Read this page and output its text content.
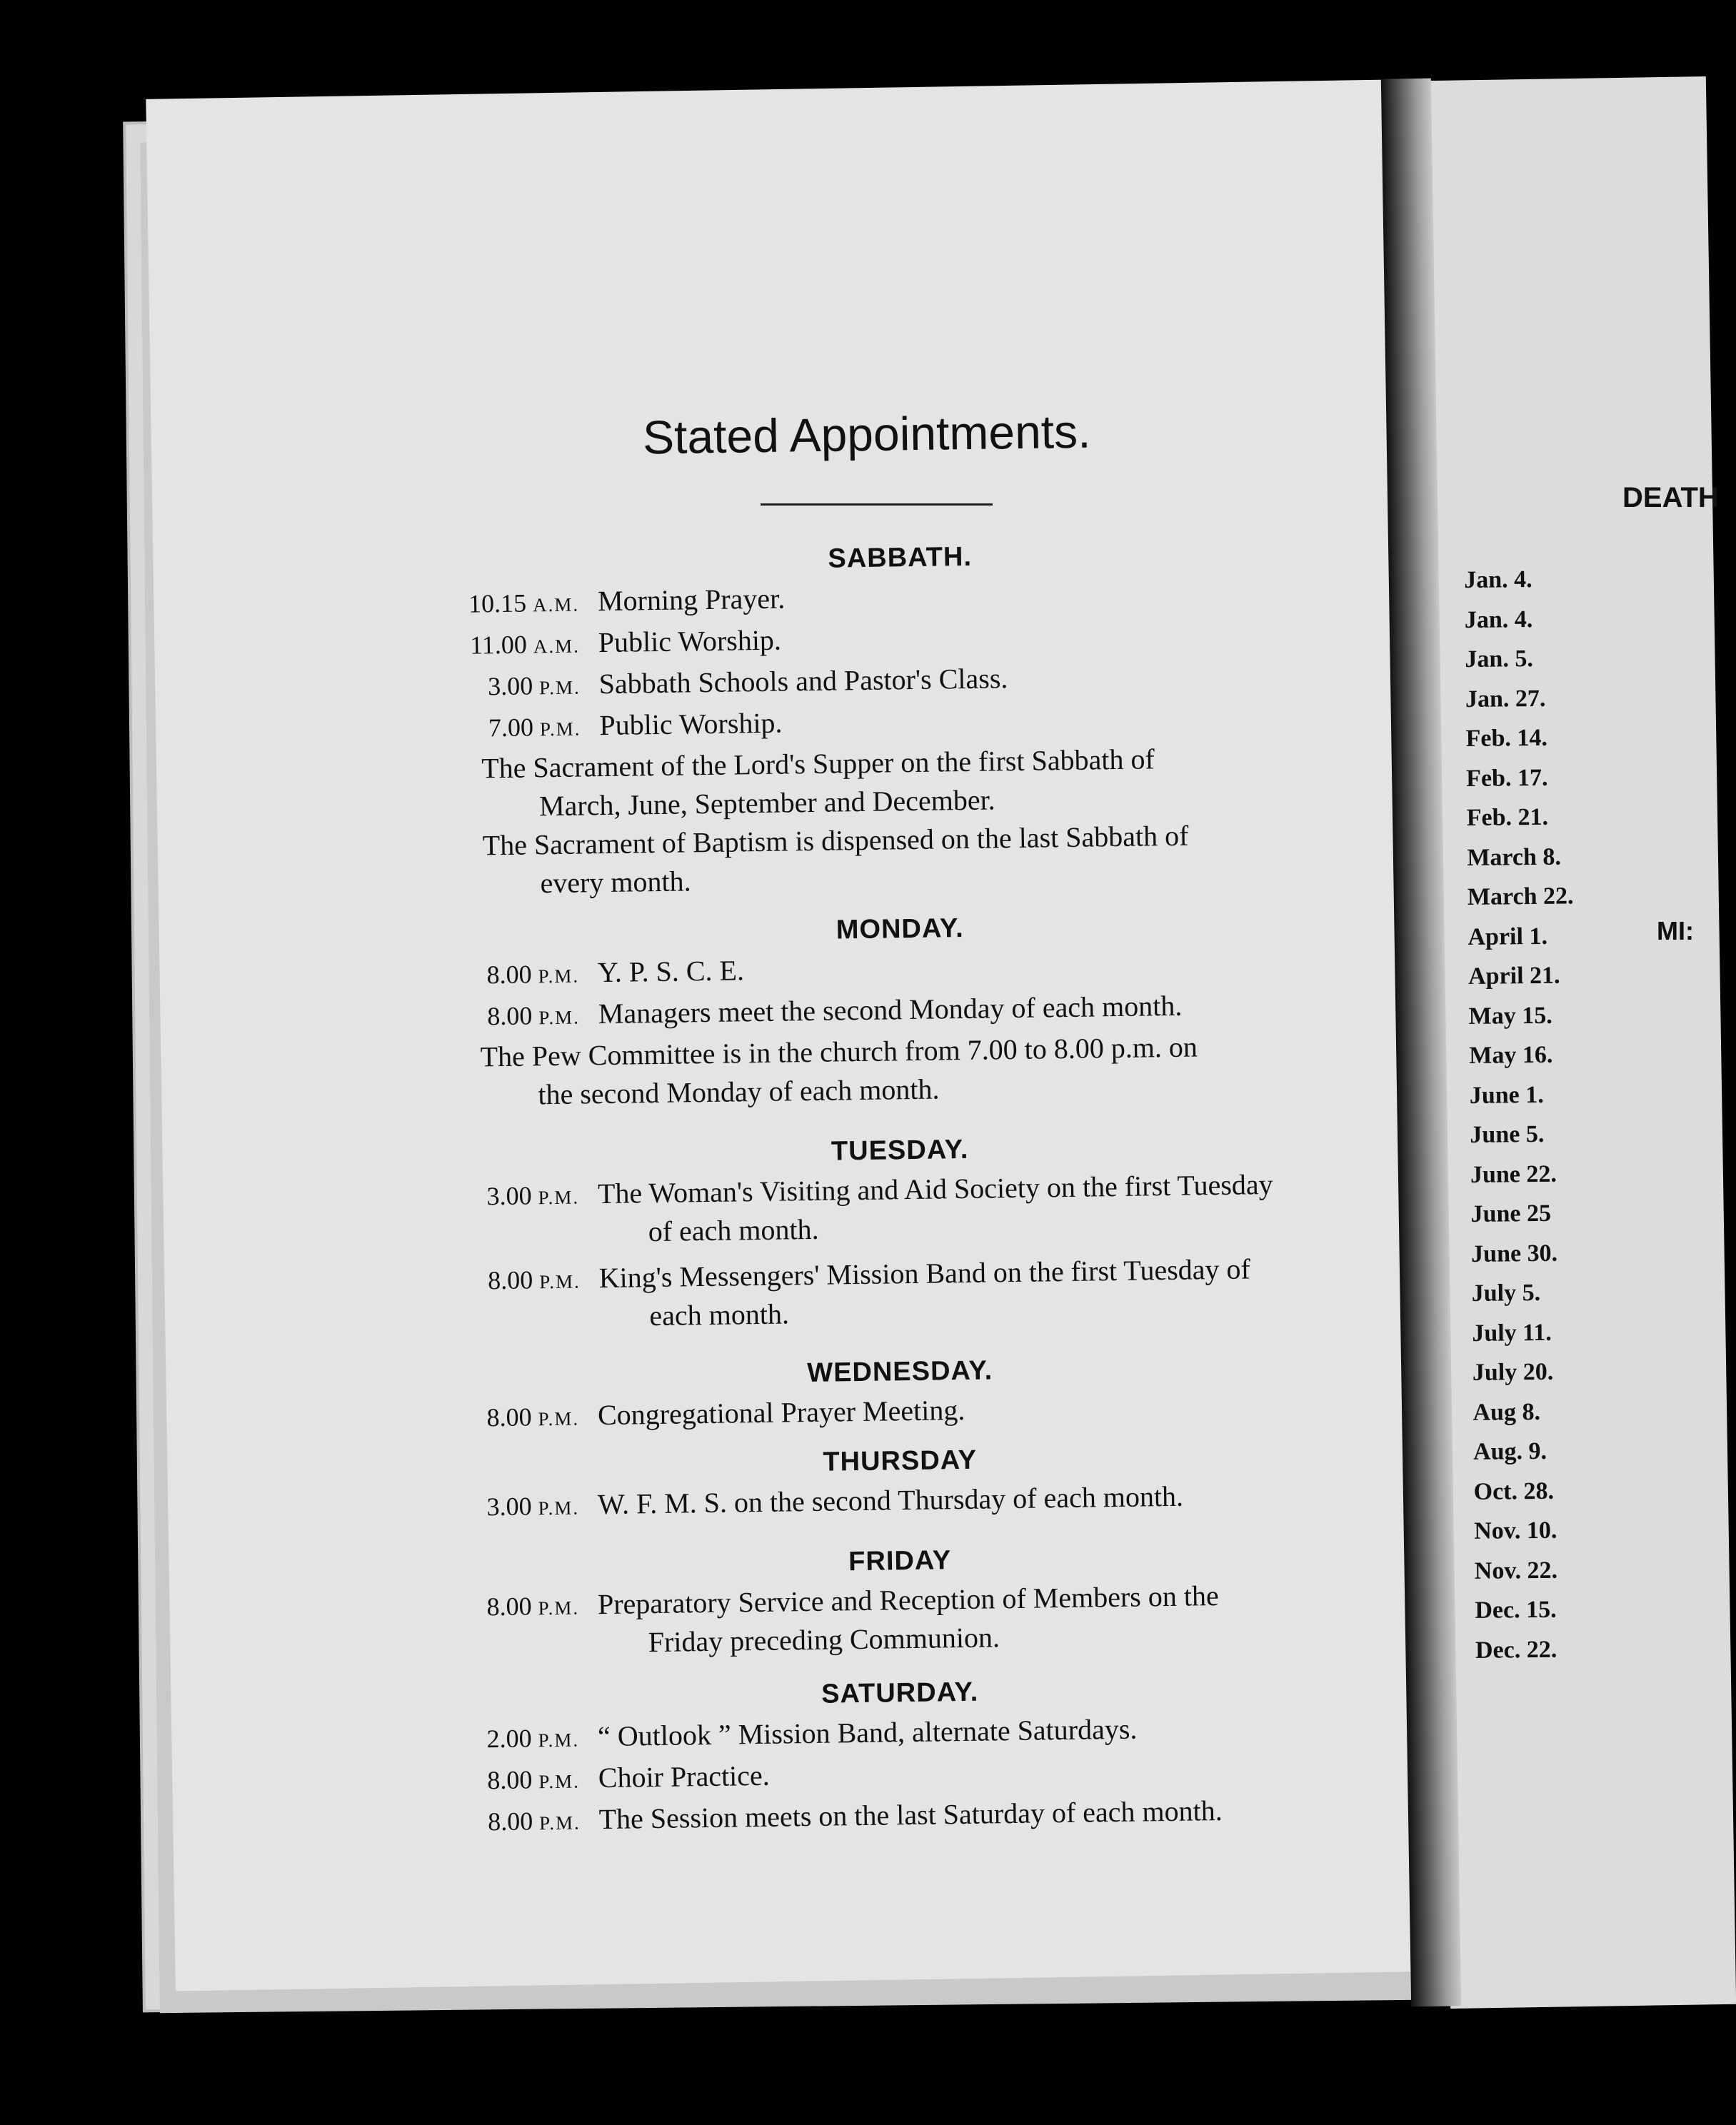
Stated Appointments.
SABBATH.
10.15 A.M. Morning Prayer.
11.00 A.M. Public Worship.
3.00 P.M. Sabbath Schools and Pastor's Class.
7.00 P.M. Public Worship.
The Sacrament of the Lord's Supper on the first Sabbath of
March, June, September and December.
The Sacrament of Baptism is dispensed on the last Sabbath of
every month.
MONDAY.
8.00 P.M. Y. P. S. C. E.
8.00 P.M. Managers meet the second Monday of each month.
The Pew Committee is in the church from 7.00 to 8.00 p.m. on
the second Monday of each month.
TUESDAY.
3.00 P.M. The Woman's Visiting and Aid Society on the first Tuesday
of each month.
8.00 P.M. King's Messengers' Mission Band on the first Tuesday of
each month.
WEDNESDAY.
8.00 P.M. Congregational Prayer Meeting.
THURSDAY
3.00 P.M. W. F. M. S. on the second Thursday of each month.
FRIDAY
8.00 P.M. Preparatory Service and Reception of Members on the
Friday preceding Communion.
SATURDAY.
2.00 P.M. “ Outlook ” Mission Band, alternate Saturdays.
8.00 P.M. Choir Practice.
8.00 P.M. The Session meets on the last Saturday of each month.
DEATH
MI:
Jan. 4.
Jan. 4.
Jan. 5.
Jan. 27.
Feb. 14.
Feb. 17.
Feb. 21.
March 8.
March 22.
April 1.
April 21.
May 15.
May 16.
June 1.
June 5.
June 22.
June 25
June 30.
July 5.
July 11.
July 20.
Aug 8.
Aug. 9.
Oct. 28.
Nov. 10.
Nov. 22.
Dec. 15.
Dec. 22.
